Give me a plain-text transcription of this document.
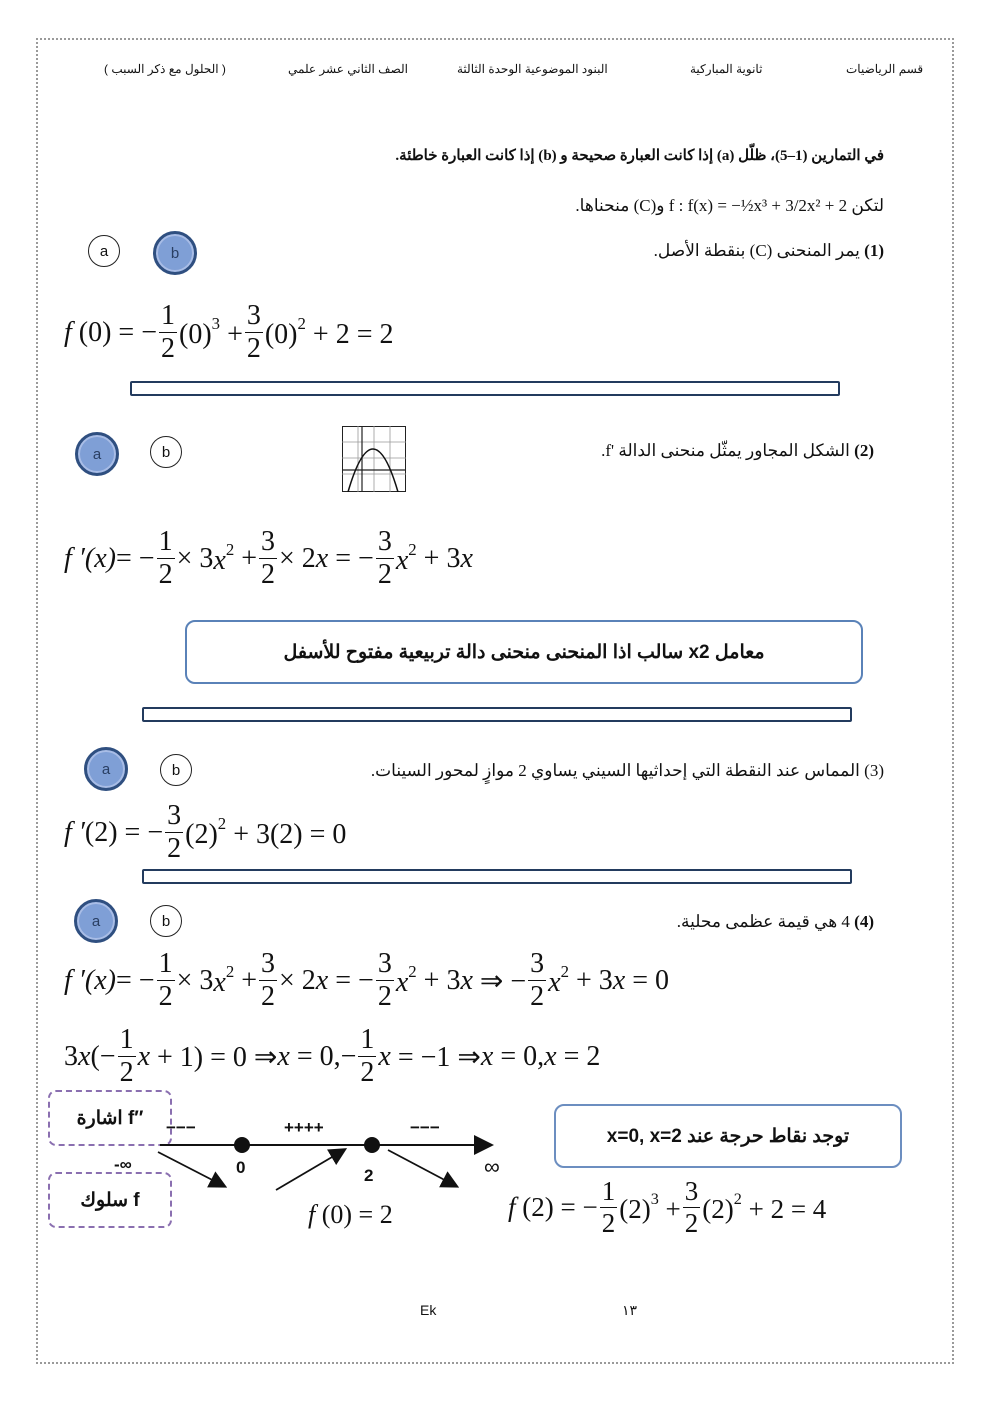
( الحلول مع ذكر السبب )	الصف الثاني عشر علمي	البنود الموضوعية الوحدة الثالثة	ثانوية المباركية	قسم الرياضيات
في التمارين (1–5)، ظلّل (a) إذا كانت العبارة صحيحة و (b) إذا كانت العبارة خاطئة.
لتكن f : f(x) = −½x³ + 3/2x² + 2 و(C) منحناها.
a	b	(1) يمر المنحنى (C) بنقطة الأصل.
f (0) = − $\frac{1}{2} (0)^3 + \frac{3}{2} (0)^2 + 2 = 2$
a	b	(2) الشكل المجاور يمثّل منحنى الدالة 'f.
f ′(x) = − $\frac{1}{2} \times 3$ $x^2 + \frac{3}{2} \times 2$ x = − $\frac{3}{2} x^2 + 3$ x
معامل x2 سالب اذا المنحنى منحنى دالة تربيعية مفتوح للأسفل
a	b	(3) المماس عند النقطة التي إحداثيها السيني يساوي 2 موازٍ لمحور السينات.
f ′ (2) = − $\frac{3}{2} (2)^2 + 3(2) = 0$
a	b	(4) 4 هي قيمة عظمى محلية.
f ′(x) = − $\frac{1}{2} \times 3$ $x^2 + \frac{3}{2} \times 2$ x = − $\frac{3}{2} x^2 + 3$ x ⇒ − $\frac{3}{2} x^2 + 3$ x = 0
3 x (− $\frac{1}{2}$ x + 1) = 0 ⇒ $x = 0,- \frac{1}{2}$ x = −1 ⇒ x = 0, x = 2
اشارة f″
سلوك f
−−−	++++	−−−
-∞	0	2	∞
توجد نقاط حرجة عند x=0, x=2
f (0) = 2	f (2) = − $\frac{1}{2} (2)^3 + \frac{3}{2} (2)^2 + 2 = 4$
Ek	١٣
